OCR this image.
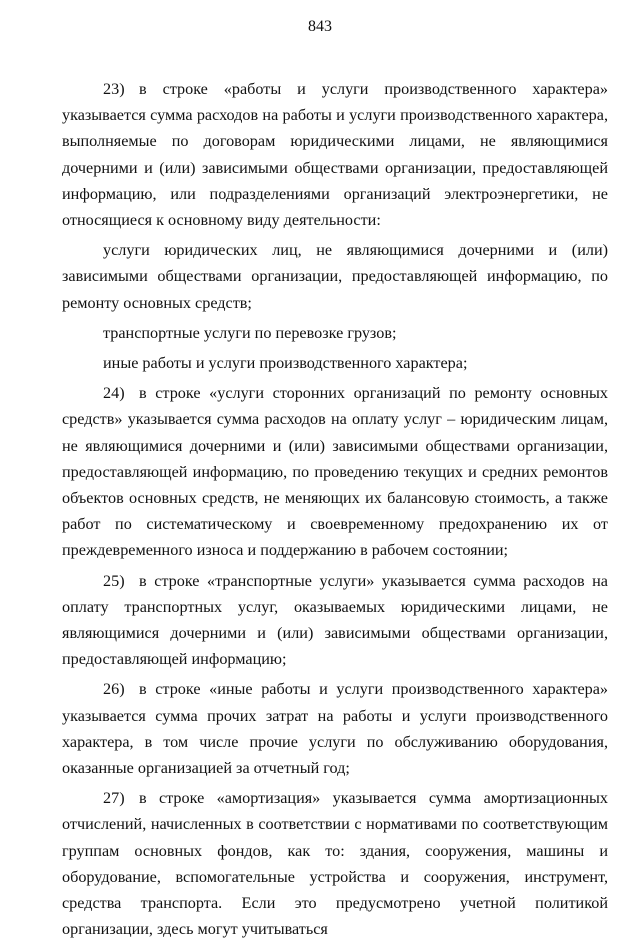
843

23) в строке «работы и услуги производственного характера» указывается сумма расходов на работы и услуги производственного характера, выполняемые по договорам юридическими лицами, не являющимися дочерними и (или) зависимыми обществами организации, предоставляющей информацию, или подразделениями организаций электроэнергетики, не относящиеся к основному виду деятельности:

услуги юридических лиц, не являющимися дочерними и (или) зависимыми обществами организации, предоставляющей информацию, по ремонту основных средств;

транспортные услуги по перевозке грузов;

иные работы и услуги производственного характера;

24) в строке «услуги сторонних организаций по ремонту основных средств» указывается сумма расходов на оплату услуг – юридическим лицам, не являющимися дочерними и (или) зависимыми обществами организации, предоставляющей информацию, по проведению текущих и средних ремонтов объектов основных средств, не меняющих их балансовую стоимость, а также работ по систематическому и своевременному предохранению их от преждевременного износа и поддержанию в рабочем состоянии;

25) в строке «транспортные услуги» указывается сумма расходов на оплату транспортных услуг, оказываемых юридическими лицами, не являющимися дочерними и (или) зависимыми обществами организации, предоставляющей информацию;

26) в строке «иные работы и услуги производственного характера» указывается сумма прочих затрат на работы и услуги производственного характера, в том числе прочие услуги по обслуживанию оборудования, оказанные организацией за отчетный год;

27) в строке «амортизация» указывается сумма амортизационных отчислений, начисленных в соответствии с нормативами по соответствующим группам основных фондов, как то: здания, сооружения, машины и оборудование, вспомогательные устройства и сооружения, инструмент, средства транспорта. Если это предусмотрено учетной политикой организации, здесь могут учитываться
